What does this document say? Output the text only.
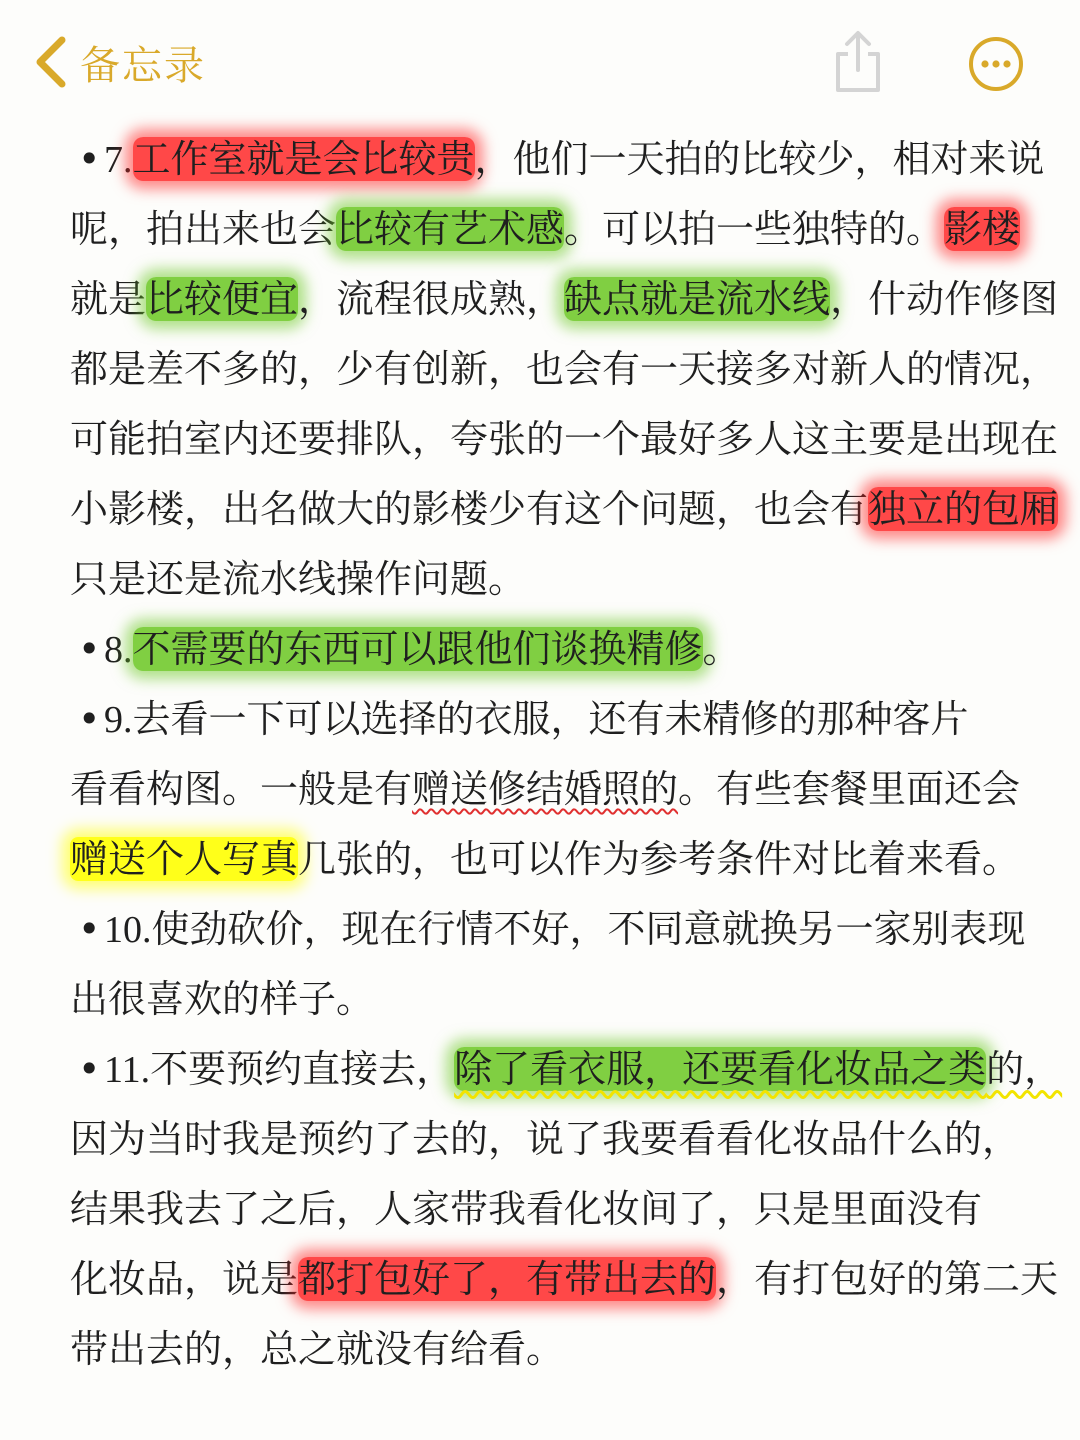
备忘录
•7.工作室就是会比较贵，他们一天拍的比较少，相对来说
呢，拍出来也会比较有艺术感。可以拍一些独特的。影楼
就是比较便宜，流程很成熟，缺点就是流水线，什动作修图
都是差不多的，少有创新，也会有一天接多对新人的情况，
可能拍室内还要排队，夸张的一个最好多人这主要是出现在
小影楼，出名做大的影楼少有这个问题，也会有独立的包厢
只是还是流水线操作问题。
•8.不需要的东西可以跟他们谈换精修。
•9.去看一下可以选择的衣服，还有未精修的那种客片
看看构图。一般是有赠送修结婚照的。有些套餐里面还会
赠送个人写真几张的，也可以作为参考条件对比着来看。
•10.使劲砍价，现在行情不好，不同意就换另一家别表现
出很喜欢的样子。
•11.不要预约直接去，除了看衣服，还要看化妆品之类的，
因为当时我是预约了去的，说了我要看看化妆品什么的，
结果我去了之后，人家带我看化妆间了，只是里面没有
化妆品，说是都打包好了，有带出去的，有打包好的第二天
带出去的，总之就没有给看。
